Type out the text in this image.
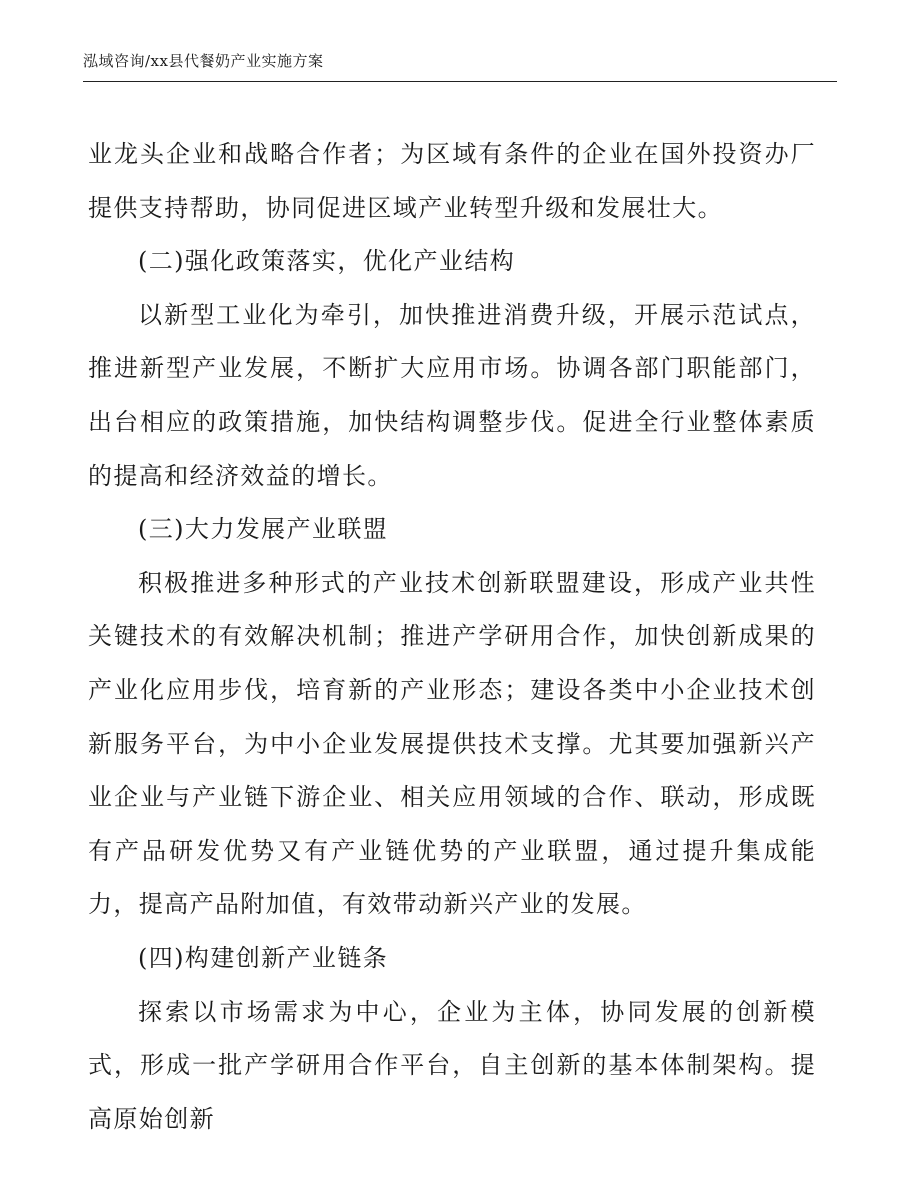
泓域咨询/xx县代餐奶产业实施方案

业龙头企业和战略合作者；为区域有条件的企业在国外投资办厂提供支持帮助，协同促进区域产业转型升级和发展壮大。

(二)强化政策落实，优化产业结构

以新型工业化为牵引，加快推进消费升级，开展示范试点，推进新型产业发展，不断扩大应用市场。协调各部门职能部门，出台相应的政策措施，加快结构调整步伐。促进全行业整体素质的提高和经济效益的增长。

(三)大力发展产业联盟

积极推进多种形式的产业技术创新联盟建设，形成产业共性关键技术的有效解决机制；推进产学研用合作，加快创新成果的产业化应用步伐，培育新的产业形态；建设各类中小企业技术创新服务平台，为中小企业发展提供技术支撑。尤其要加强新兴产业企业与产业链下游企业、相关应用领域的合作、联动，形成既有产品研发优势又有产业链优势的产业联盟，通过提升集成能力，提高产品附加值，有效带动新兴产业的发展。

(四)构建创新产业链条

探索以市场需求为中心，企业为主体，协同发展的创新模式，形成一批产学研用合作平台，自主创新的基本体制架构。提高原始创新
